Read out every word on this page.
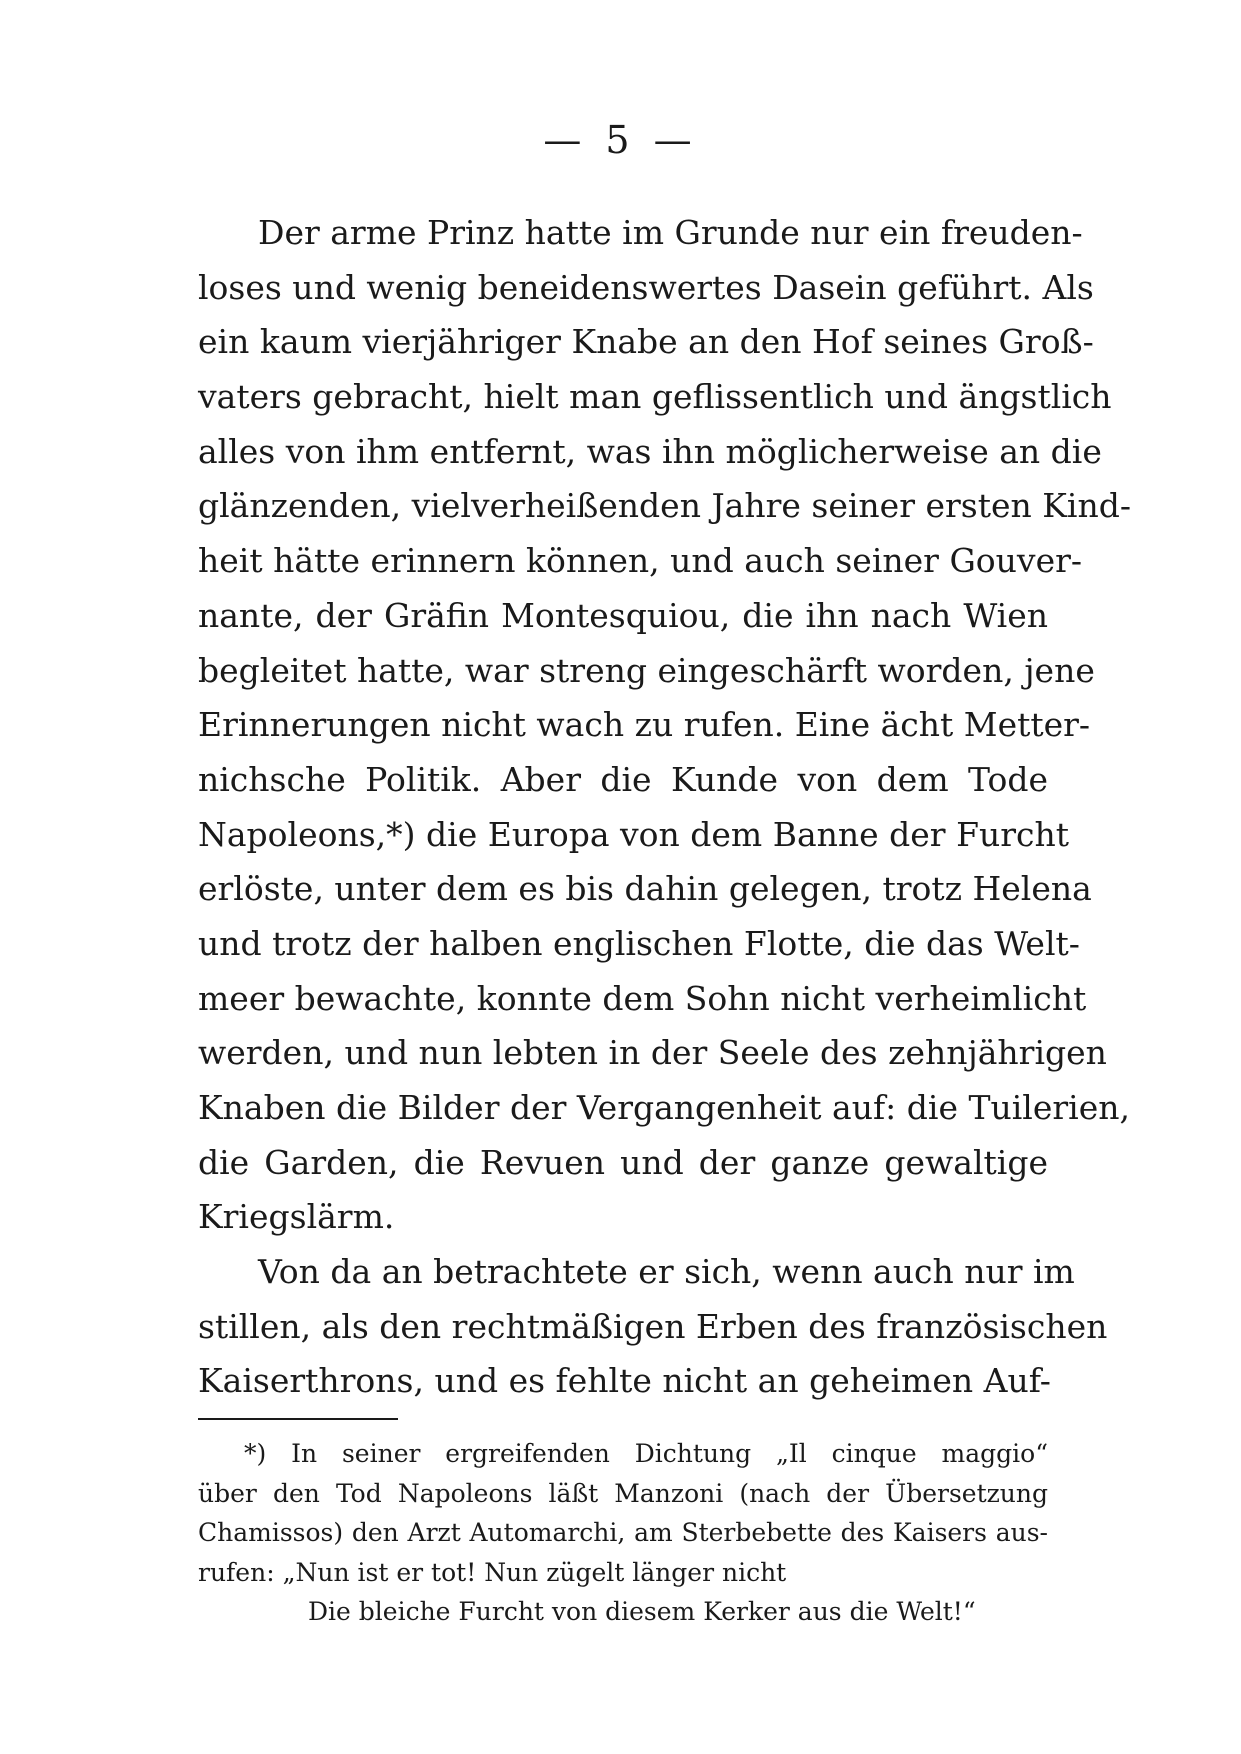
— 5 —
Der arme Prinz hatte im Grunde nur ein freuden-
loses und wenig beneidenswertes Dasein geführt. Als
ein kaum vierjähriger Knabe an den Hof seines Groß-
vaters gebracht, hielt man geflissentlich und ängstlich
alles von ihm entfernt, was ihn möglicherweise an die
glänzenden, vielverheißenden Jahre seiner ersten Kind-
heit hätte erinnern können, und auch seiner Gouver-
nante, der Gräfin Montesquiou, die ihn nach Wien
begleitet hatte, war streng eingeschärft worden, jene
Erinnerungen nicht wach zu rufen. Eine ächt Metter-
nichsche Politik. Aber die Kunde von dem Tode
Napoleons,*) die Europa von dem Banne der Furcht
erlöste, unter dem es bis dahin gelegen, trotz Helena
und trotz der halben englischen Flotte, die das Welt-
meer bewachte, konnte dem Sohn nicht verheimlicht
werden, und nun lebten in der Seele des zehnjährigen
Knaben die Bilder der Vergangenheit auf: die Tuilerien,
die Garden, die Revuen und der ganze gewaltige
Kriegslärm.
Von da an betrachtete er sich, wenn auch nur im
stillen, als den rechtmäßigen Erben des französischen
Kaiserthrons, und es fehlte nicht an geheimen Auf-
*) In seiner ergreifenden Dichtung „Il cinque maggio“
über den Tod Napoleons läßt Manzoni (nach der Übersetzung
Chamissos) den Arzt Automarchi, am Sterbebette des Kaisers aus-
rufen: „Nun ist er tot! Nun zügelt länger nicht
Die bleiche Furcht von diesem Kerker aus die Welt!“
